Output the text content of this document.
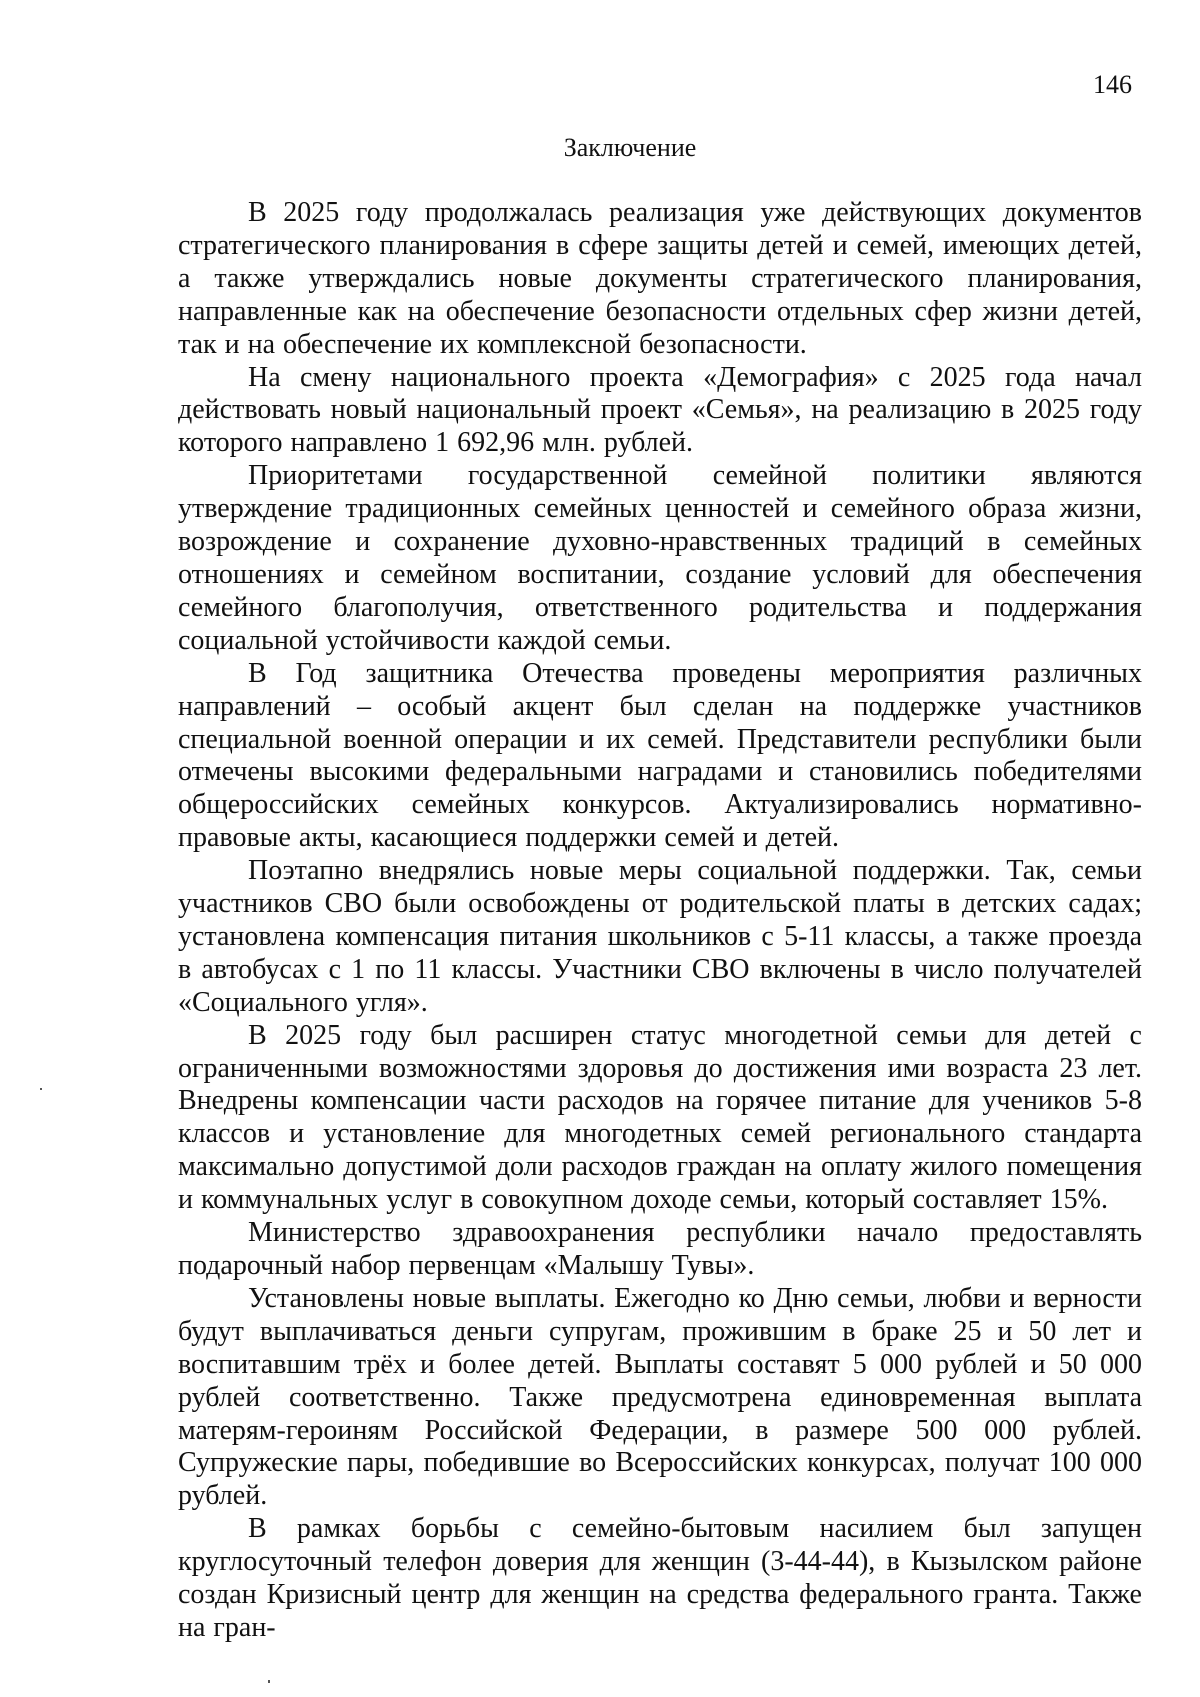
146
Заключение

В 2025 году продолжалась реализация уже действующих документов стратегического планирования в сфере защиты детей и семей, имеющих детей, а также утверждались новые документы стратегического планирования, направленные как на обеспечение безопасности отдельных сфер жизни детей, так и на обеспечение их комплексной безопасности.

На смену национального проекта «Демография» с 2025 года начал действовать новый национальный проект «Семья», на реализацию в 2025 году которого направлено 1 692,96 млн. рублей.

Приоритетами государственной семейной политики являются утверждение традиционных семейных ценностей и семейного образа жизни, возрождение и сохранение духовно-нравственных традиций в семейных отношениях и семейном воспитании, создание условий для обеспечения семейного благополучия, ответственного родительства и поддержания социальной устойчивости каждой семьи.

В Год защитника Отечества проведены мероприятия различных направлений – особый акцент был сделан на поддержке участников специальной военной операции и их семей. Представители республики были отмечены высокими федеральными наградами и становились победителями общероссийских семейных конкурсов. Актуализировались нормативно-правовые акты, касающиеся поддержки семей и детей.

Поэтапно внедрялись новые меры социальной поддержки. Так, семьи участников СВО были освобождены от родительской платы в детских садах; установлена компенсация питания школьников с 5-11 классы, а также проезда в автобусах с 1 по 11 классы. Участники СВО включены в число получателей «Социального угля».

В 2025 году был расширен статус многодетной семьи для детей с ограниченными возможностями здоровья до достижения ими возраста 23 лет. Внедрены компенсации части расходов на горячее питание для учеников 5-8 классов и установление для многодетных семей регионального стандарта максимально допустимой доли расходов граждан на оплату жилого помещения и коммунальных услуг в совокупном доходе семьи, который составляет 15%.

Министерство здравоохранения республики начало предоставлять подарочный набор первенцам «Малышу Тувы».

Установлены новые выплаты. Ежегодно ко Дню семьи, любви и верности будут выплачиваться деньги супругам, прожившим в браке 25 и 50 лет и воспитавшим трёх и более детей. Выплаты составят 5 000 рублей и 50 000 рублей соответственно. Также предусмотрена единовременная выплата матерям-героиням Российской Федерации, в размере 500 000 рублей. Супружеские пары, победившие во Всероссийских конкурсах, получат 100 000 рублей.

В рамках борьбы с семейно-бытовым насилием был запущен круглосуточный телефон доверия для женщин (3-44-44), в Кызылском районе создан Кризисный центр для женщин на средства федерального гранта. Также на гран-
